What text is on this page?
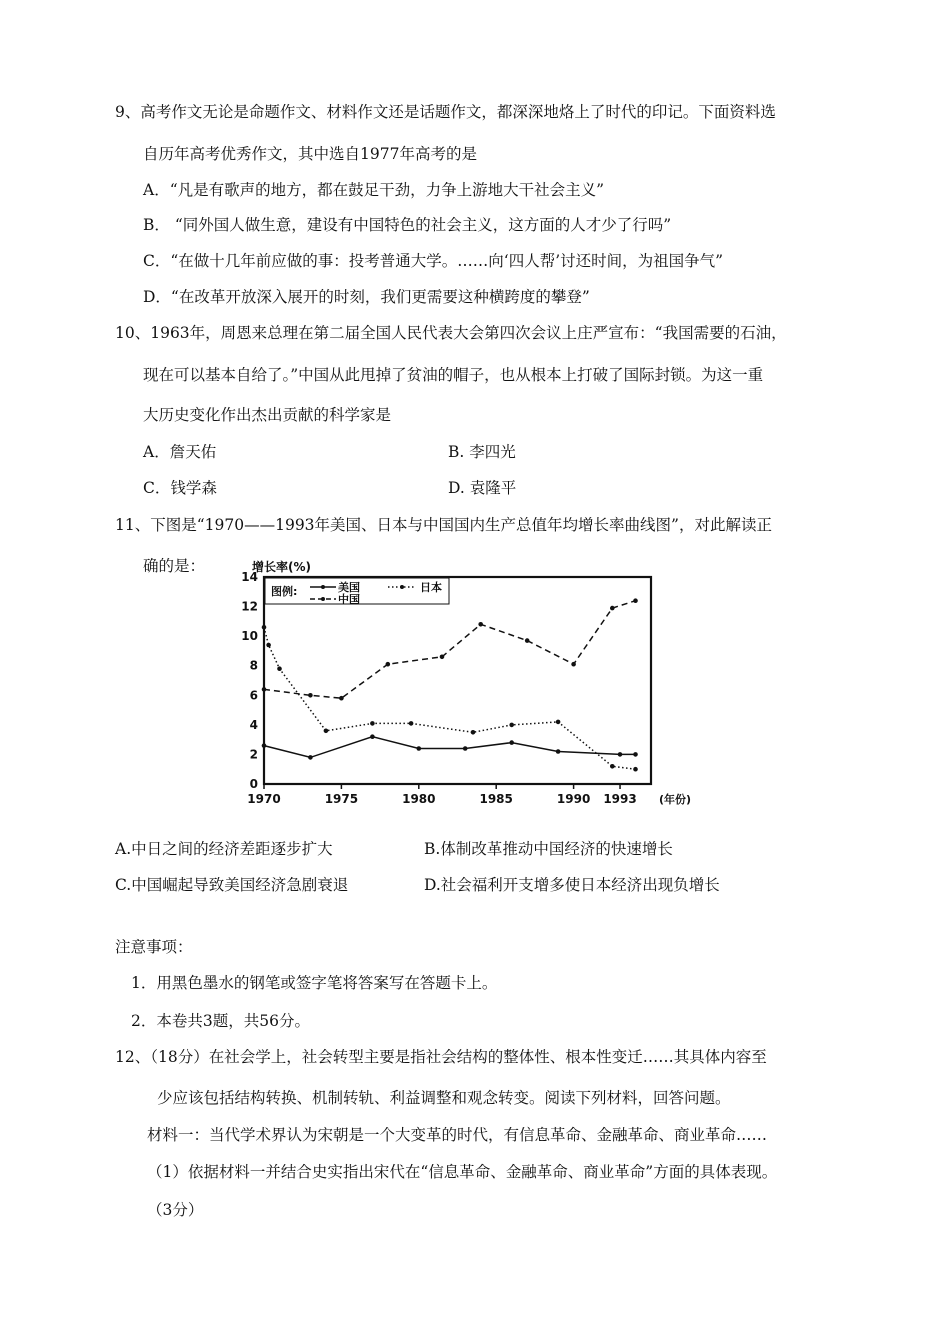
9、高考作文无论是命题作文、材料作文还是话题作文，都深深地烙上了时代的印记。下面资料选
自历年高考优秀作文，其中选自1977年高考的是
A．“凡是有歌声的地方，都在鼓足干劲，力争上游地大干社会主义”
B． “同外国人做生意，建设有中国特色的社会主义，这方面的人才少了行吗”
C．“在做十几年前应做的事：投考普通大学。……向‘四人帮’讨还时间，为祖国争气”
D．“在改革开放深入展开的时刻，我们更需要这种横跨度的攀登”
10、1963年，周恩来总理在第二届全国人民代表大会第四次会议上庄严宣布：“我国需要的石油，
现在可以基本自给了。”中国从此甩掉了贫油的帽子，也从根本上打破了国际封锁。为这一重
大历史变化作出杰出贡献的科学家是
A．詹天佑	B. 李四光
C．钱学森	D. 袁隆平
11、下图是“1970——1993年美国、日本与中国国内生产总值年均增长率曲线图”，对此解读正
确的是：	增长率(%)
图例:	美国
中国
日本
0
2
4
6
8
10
12
14
1970	1975	1980	1985	1990 1993 (年份)
A.中日之间的经济差距逐步扩大	B.体制改革推动中国经济的快速增长
C.中国崛起导致美国经济急剧衰退	D.社会福利开支增多使日本经济出现负增长
注意事项：
1．用黑色墨水的钢笔或签字笔将答案写在答题卡上。
2．本卷共3题，共56分。
12、（18分）在社会学上，社会转型主要是指社会结构的整体性、根本性变迁……其具体内容至
少应该包括结构转换、机制转轨、利益调整和观念转变。阅读下列材料，回答问题。
材料一：当代学术界认为宋朝是一个大变革的时代，有信息革命、金融革命、商业革命……
（1）依据材料一并结合史实指出宋代在“信息革命、金融革命、商业革命”方面的具体表现。
（3分）
